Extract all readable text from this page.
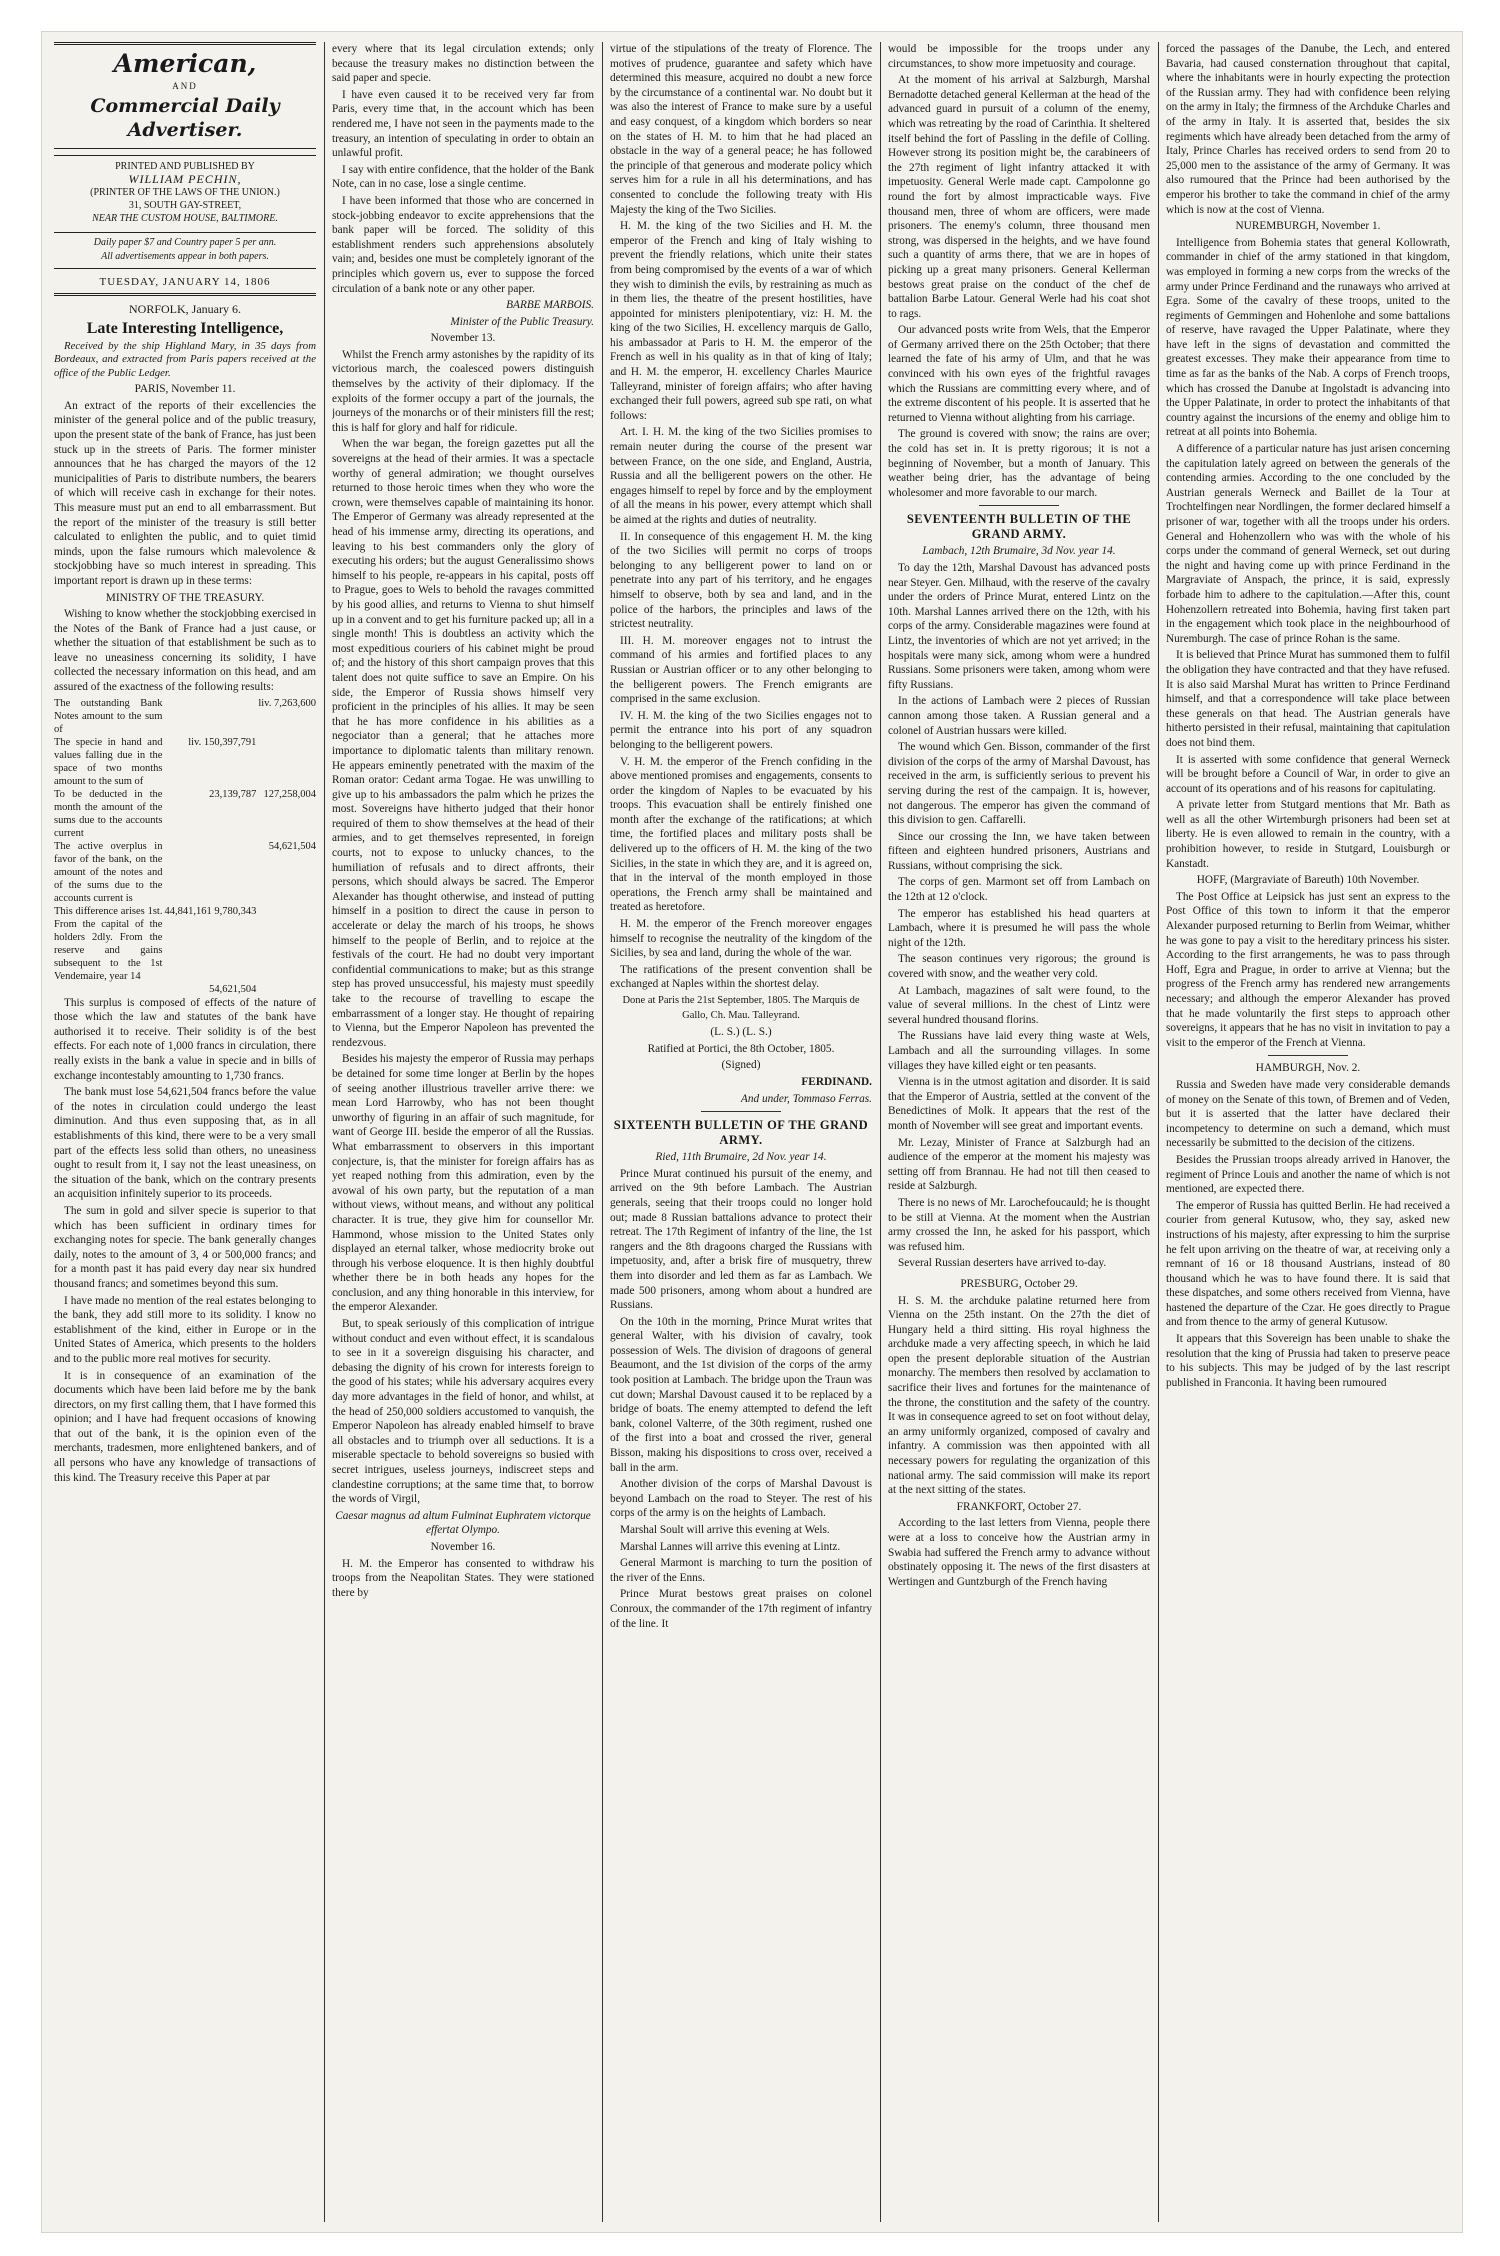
American,
AND
Commercial Daily Advertiser.
PRINTED AND PUBLISHED BY
WILLIAM PECHIN,
(PRINTER OF THE LAWS OF THE UNION.)
31, SOUTH GAY-STREET,
NEAR THE CUSTOM HOUSE, BALTIMORE.
Daily paper $7 and Country paper 5 per ann.
All advertisements appear in both papers.
TUESDAY, JANUARY 14, 1806
NORFOLK, January 6.
Late Interesting Intelligence,

Received by the ship Highland Mary, in 35 days from Bordeaux, and extracted from Paris papers received at the office of the Public Ledger.

PARIS, November 11.

An extract of the reports of their excellencies the minister of the general police and of the public treasury, upon the present state of the bank of France, has just been stuck up in the streets of Paris. The former minister announces that he has charged the mayors of the 12 municipalities of Paris to distribute numbers, the bearers of which will receive cash in exchange for their notes. This measure must put an end to all embarrassment. But the report of the minister of the treasury is still better calculated to enlighten the public, and to quiet timid minds, upon the false rumours which malevolence & stockjobbing have so much interest in spreading. This important report is drawn up in these terms:

MINISTRY OF THE TREASURY.

Wishing to know whether the stockjobbing exercised in the Notes of the Bank of France had a just cause, or whether the situation of that establishment be such as to leave no uneasiness concerning its solidity, I have collected the necessary information on this head, and am assured of the exactness of the following results:

The outstanding Bank Notes amount to the sum of		liv. 7,263,600
The specie in hand and values falling due in the space of two months amount to the sum of	liv. 150,397,791	
To be deducted in the month the amount of the sums due to the accounts current	23,139,787	127,258,004
The active overplus in favor of the bank, on the amount of the notes and of the sums due to the accounts current is		54,621,504
This difference arises 1st. From the capital of the holders 2dly. From the reserve and gains subsequent to the 1st Vendemaire, year 14	44,841,161 9,780,343	
	54,621,504	

This surplus is composed of effects of the nature of those which the law and statutes of the bank have authorised it to receive. Their solidity is of the best effects. For each note of 1,000 francs in circulation, there really exists in the bank a value in specie and in bills of exchange incontestably amounting to 1,730 francs.

The bank must lose 54,621,504 francs before the value of the notes in circulation could undergo the least diminution. And thus even supposing that, as in all establishments of this kind, there were to be a very small part of the effects less solid than others, no uneasiness ought to result from it, I say not the least uneasiness, on the situation of the bank, which on the contrary presents an acquisition infinitely superior to its proceeds.

The sum in gold and silver specie is superior to that which has been sufficient in ordinary times for exchanging notes for specie. The bank generally changes daily, notes to the amount of 3, 4 or 500,000 francs; and for a month past it has paid every day near six hundred thousand francs; and sometimes beyond this sum.

I have made no mention of the real estates belonging to the bank, they add still more to its solidity. I know no establishment of the kind, either in Europe or in the United States of America, which presents to the holders and to the public more real motives for security.

It is in consequence of an examination of the documents which have been laid before me by the bank directors, on my first calling them, that I have formed this opinion; and I have had frequent occasions of knowing that out of the bank, it is the opinion even of the merchants, tradesmen, more enlightened bankers, and of all persons who have any knowledge of transactions of this kind. The Treasury receive this Paper at par

every where that its legal circulation extends; only because the treasury makes no distinction between the said paper and specie.

I have even caused it to be received very far from Paris, every time that, in the account which has been rendered me, I have not seen in the payments made to the treasury, an intention of speculating in order to obtain an unlawful profit.

I say with entire confidence, that the holder of the Bank Note, can in no case, lose a single centime.

I have been informed that those who are concerned in stock-jobbing endeavor to excite apprehensions that the bank paper will be forced. The solidity of this establishment renders such apprehensions absolutely vain; and, besides one must be completely ignorant of the principles which govern us, ever to suppose the forced circulation of a bank note or any other paper.

BARBE MARBOIS.

Minister of the Public Treasury.

November 13.

Whilst the French army astonishes by the rapidity of its victorious march, the coalesced powers distinguish themselves by the activity of their diplomacy. If the exploits of the former occupy a part of the journals, the journeys of the monarchs or of their ministers fill the rest; this is half for glory and half for ridicule.

When the war began, the foreign gazettes put all the sovereigns at the head of their armies. It was a spectacle worthy of general admiration; we thought ourselves returned to those heroic times when they who wore the crown, were themselves capable of maintaining its honor. The Emperor of Germany was already represented at the head of his immense army, directing its operations, and leaving to his best commanders only the glory of executing his orders; but the august Generalissimo shows himself to his people, re-appears in his capital, posts off to Prague, goes to Wels to behold the ravages committed by his good allies, and returns to Vienna to shut himself up in a convent and to get his furniture packed up; all in a single month! This is doubtless an activity which the most expeditious couriers of his cabinet might be proud of; and the history of this short campaign proves that this talent does not quite suffice to save an Empire. On his side, the Emperor of Russia shows himself very proficient in the principles of his allies. It may be seen that he has more confidence in his abilities as a negociator than a general; that he attaches more importance to diplomatic talents than military renown. He appears eminently penetrated with the maxim of the Roman orator: Cedant arma Togae. He was unwilling to give up to his ambassadors the palm which he prizes the most. Sovereigns have hitherto judged that their honor required of them to show themselves at the head of their armies, and to get themselves represented, in foreign courts, not to expose to unlucky chances, to the humiliation of refusals and to direct affronts, their persons, which should always be sacred. The Emperor Alexander has thought otherwise, and instead of putting himself in a position to direct the cause in person to accelerate or delay the march of his troops, he shows himself to the people of Berlin, and to rejoice at the festivals of the court. He had no doubt very important confidential communications to make; but as this strange step has proved unsuccessful, his majesty must speedily take to the recourse of travelling to escape the embarrassment of a longer stay. He thought of repairing to Vienna, but the Emperor Napoleon has prevented the rendezvous.

Besides his majesty the emperor of Russia may perhaps be detained for some time longer at Berlin by the hopes of seeing another illustrious traveller arrive there: we mean Lord Harrowby, who has not been thought unworthy of figuring in an affair of such magnitude, for want of George III. beside the emperor of all the Russias. What embarrassment to observers in this important conjecture, is, that the minister for foreign affairs has as yet reaped nothing from this admiration, even by the avowal of his own party, but the reputation of a man without views, without means, and without any political character. It is true, they give him for counsellor Mr. Hammond, whose mission to the United States only displayed an eternal talker, whose mediocrity broke out through his verbose eloquence. It is then highly doubtful whether there be in both heads any hopes for the conclusion, and any thing honorable in this interview, for the emperor Alexander.

But, to speak seriously of this complication of intrigue without conduct and even without effect, it is scandalous to see in it a sovereign disguising his character, and debasing the dignity of his crown for interests foreign to the good of his states; while his adversary acquires every day more advantages in the field of honor, and whilst, at the head of 250,000 soldiers accustomed to vanquish, the Emperor Napoleon has already enabled himself to brave all obstacles and to triumph over all seductions. It is a miserable spectacle to behold sovereigns so busied with secret intrigues, useless journeys, indiscreet steps and clandestine corruptions; at the same time that, to borrow the words of Virgil,

Caesar magnus ad altum Fulminat Euphratem victorque effertat Olympo.

November 16.

H. M. the Emperor has consented to withdraw his troops from the Neapolitan States. They were stationed there by

virtue of the stipulations of the treaty of Florence. The motives of prudence, guarantee and safety which have determined this measure, acquired no doubt a new force by the circumstance of a continental war. No doubt but it was also the interest of France to make sure by a useful and easy conquest, of a kingdom which borders so near on the states of H. M. to him that he had placed an obstacle in the way of a general peace; he has followed the principle of that generous and moderate policy which serves him for a rule in all his determinations, and has consented to conclude the following treaty with His Majesty the king of the Two Sicilies.

H. M. the king of the two Sicilies and H. M. the emperor of the French and king of Italy wishing to prevent the friendly relations, which unite their states from being compromised by the events of a war of which they wish to diminish the evils, by restraining as much as in them lies, the theatre of the present hostilities, have appointed for ministers plenipotentiary, viz: H. M. the king of the two Sicilies, H. excellency marquis de Gallo, his ambassador at Paris to H. M. the emperor of the French as well in his quality as in that of king of Italy; and H. M. the emperor, H. excellency Charles Maurice Talleyrand, minister of foreign affairs; who after having exchanged their full powers, agreed sub spe rati, on what follows:

Art. I. H. M. the king of the two Sicilies promises to remain neuter during the course of the present war between France, on the one side, and England, Austria, Russia and all the belligerent powers on the other. He engages himself to repel by force and by the employment of all the means in his power, every attempt which shall be aimed at the rights and duties of neutrality.

II. In consequence of this engagement H. M. the king of the two Sicilies will permit no corps of troops belonging to any belligerent power to land on or penetrate into any part of his territory, and he engages himself to observe, both by sea and land, and in the police of the harbors, the principles and laws of the strictest neutrality.

III. H. M. moreover engages not to intrust the command of his armies and fortified places to any Russian or Austrian officer or to any other belonging to the belligerent powers. The French emigrants are comprised in the same exclusion.

IV. H. M. the king of the two Sicilies engages not to permit the entrance into his port of any squadron belonging to the belligerent powers.

V. H. M. the emperor of the French confiding in the above mentioned promises and engagements, consents to order the kingdom of Naples to be evacuated by his troops. This evacuation shall be entirely finished one month after the exchange of the ratifications; at which time, the fortified places and military posts shall be delivered up to the officers of H. M. the king of the two Sicilies, in the state in which they are, and it is agreed on, that in the interval of the month employed in those operations, the French army shall be maintained and treated as heretofore.

H. M. the emperor of the French moreover engages himself to recognise the neutrality of the kingdom of the Sicilies, by sea and land, during the whole of the war.

The ratifications of the present convention shall be exchanged at Naples within the shortest delay.

Done at Paris the 21st September, 1805. The Marquis de Gallo, Ch. Mau. Talleyrand.

(L. S.) (L. S.)

Ratified at Portici, the 8th October, 1805.

(Signed)

FERDINAND.

And under, Tommaso Ferras.

SIXTEENTH BULLETIN OF THE GRAND ARMY.

Ried, 11th Brumaire, 2d Nov. year 14.

Prince Murat continued his pursuit of the enemy, and arrived on the 9th before Lambach. The Austrian generals, seeing that their troops could no longer hold out; made 8 Russian battalions advance to protect their retreat. The 17th Regiment of infantry of the line, the 1st rangers and the 8th dragoons charged the Russians with impetuosity, and, after a brisk fire of musquetry, threw them into disorder and led them as far as Lambach. We made 500 prisoners, among whom about a hundred are Russians.

On the 10th in the morning, Prince Murat writes that general Walter, with his division of cavalry, took possession of Wels. The division of dragoons of general Beaumont, and the 1st division of the corps of the army took position at Lambach. The bridge upon the Traun was cut down; Marshal Davoust caused it to be replaced by a bridge of boats. The enemy attempted to defend the left bank, colonel Valterre, of the 30th regiment, rushed one of the first into a boat and crossed the river, general Bisson, making his dispositions to cross over, received a ball in the arm.

Another division of the corps of Marshal Davoust is beyond Lambach on the road to Steyer. The rest of his corps of the army is on the heights of Lambach.

Marshal Soult will arrive this evening at Wels.

Marshal Lannes will arrive this evening at Lintz.

General Marmont is marching to turn the position of the river of the Enns.

Prince Murat bestows great praises on colonel Conroux, the commander of the 17th regiment of infantry of the line. It

would be impossible for the troops under any circumstances, to show more impetuosity and courage.

At the moment of his arrival at Salzburgh, Marshal Bernadotte detached general Kellerman at the head of the advanced guard in pursuit of a column of the enemy, which was retreating by the road of Carinthia. It sheltered itself behind the fort of Passling in the defile of Colling. However strong its position might be, the carabineers of the 27th regiment of light infantry attacked it with impetuosity. General Werle made capt. Campolonne go round the fort by almost impracticable ways. Five thousand men, three of whom are officers, were made prisoners. The enemy's column, three thousand men strong, was dispersed in the heights, and we have found such a quantity of arms there, that we are in hopes of picking up a great many prisoners. General Kellerman bestows great praise on the conduct of the chef de battalion Barbe Latour. General Werle had his coat shot to rags.

Our advanced posts write from Wels, that the Emperor of Germany arrived there on the 25th October; that there learned the fate of his army of Ulm, and that he was convinced with his own eyes of the frightful ravages which the Russians are committing every where, and of the extreme discontent of his people. It is asserted that he returned to Vienna without alighting from his carriage.

The ground is covered with snow; the rains are over; the cold has set in. It is pretty rigorous; it is not a beginning of November, but a month of January. This weather being drier, has the advantage of being wholesomer and more favorable to our march.

SEVENTEENTH BULLETIN OF THE GRAND ARMY.

Lambach, 12th Brumaire, 3d Nov. year 14.

To day the 12th, Marshal Davoust has advanced posts near Steyer. Gen. Milhaud, with the reserve of the cavalry under the orders of Prince Murat, entered Lintz on the 10th. Marshal Lannes arrived there on the 12th, with his corps of the army. Considerable magazines were found at Lintz, the inventories of which are not yet arrived; in the hospitals were many sick, among whom were a hundred Russians. Some prisoners were taken, among whom were fifty Russians.

In the actions of Lambach were 2 pieces of Russian cannon among those taken. A Russian general and a colonel of Austrian hussars were killed.

The wound which Gen. Bisson, commander of the first division of the corps of the army of Marshal Davoust, has received in the arm, is sufficiently serious to prevent his serving during the rest of the campaign. It is, however, not dangerous. The emperor has given the command of this division to gen. Caffarelli.

Since our crossing the Inn, we have taken between fifteen and eighteen hundred prisoners, Austrians and Russians, without comprising the sick.

The corps of gen. Marmont set off from Lambach on the 12th at 12 o'clock.

The emperor has established his head quarters at Lambach, where it is presumed he will pass the whole night of the 12th.

The season continues very rigorous; the ground is covered with snow, and the weather very cold.

At Lambach, magazines of salt were found, to the value of several millions. In the chest of Lintz were several hundred thousand florins.

The Russians have laid every thing waste at Wels, Lambach and all the surrounding villages. In some villages they have killed eight or ten peasants.

Vienna is in the utmost agitation and disorder. It is said that the Emperor of Austria, settled at the convent of the Benedictines of Molk. It appears that the rest of the month of November will see great and important events.

Mr. Lezay, Minister of France at Salzburgh had an audience of the emperor at the moment his majesty was setting off from Brannau. He had not till then ceased to reside at Salzburgh.

There is no news of Mr. Larochefoucauld; he is thought to be still at Vienna. At the moment when the Austrian army crossed the Inn, he asked for his passport, which was refused him.

Several Russian deserters have arrived to-day.

PRESBURG, October 29.

H. S. M. the archduke palatine returned here from Vienna on the 25th instant. On the 27th the diet of Hungary held a third sitting. His royal highness the archduke made a very affecting speech, in which he laid open the present deplorable situation of the Austrian monarchy. The members then resolved by acclamation to sacrifice their lives and fortunes for the maintenance of the throne, the constitution and the safety of the country. It was in consequence agreed to set on foot without delay, an army uniformly organized, composed of cavalry and infantry. A commission was then appointed with all necessary powers for regulating the organization of this national army. The said commission will make its report at the next sitting of the states.

FRANKFORT, October 27.

According to the last letters from Vienna, people there were at a loss to conceive how the Austrian army in Swabia had suffered the French army to advance without obstinately opposing it. The news of the first disasters at Wertingen and Guntzburgh of the French having

forced the passages of the Danube, the Lech, and entered Bavaria, had caused consternation throughout that capital, where the inhabitants were in hourly expecting the protection of the Russian army. They had with confidence been relying on the army in Italy; the firmness of the Archduke Charles and of the army in Italy. It is asserted that, besides the six regiments which have already been detached from the army of Italy, Prince Charles has received orders to send from 20 to 25,000 men to the assistance of the army of Germany. It was also rumoured that the Prince had been authorised by the emperor his brother to take the command in chief of the army which is now at the cost of Vienna.

NUREMBURGH, November 1.

Intelligence from Bohemia states that general Kollowrath, commander in chief of the army stationed in that kingdom, was employed in forming a new corps from the wrecks of the army under Prince Ferdinand and the runaways who arrived at Egra. Some of the cavalry of these troops, united to the regiments of Gemmingen and Hohenlohe and some battalions of reserve, have ravaged the Upper Palatinate, where they have left in the signs of devastation and committed the greatest excesses. They make their appearance from time to time as far as the banks of the Nab. A corps of French troops, which has crossed the Danube at Ingolstadt is advancing into the Upper Palatinate, in order to protect the inhabitants of that country against the incursions of the enemy and oblige him to retreat at all points into Bohemia.

A difference of a particular nature has just arisen concerning the capitulation lately agreed on between the generals of the contending armies. According to the one concluded by the Austrian generals Werneck and Baillet de la Tour at Trochtelfingen near Nordlingen, the former declared himself a prisoner of war, together with all the troops under his orders. General and Hohenzollern who was with the whole of his corps under the command of general Werneck, set out during the night and having come up with prince Ferdinand in the Margraviate of Anspach, the prince, it is said, expressly forbade him to adhere to the capitulation.—After this, count Hohenzollern retreated into Bohemia, having first taken part in the engagement which took place in the neighbourhood of Nuremburgh. The case of prince Rohan is the same.

It is believed that Prince Murat has summoned them to fulfil the obligation they have contracted and that they have refused. It is also said Marshal Murat has written to Prince Ferdinand himself, and that a correspondence will take place between these generals on that head. The Austrian generals have hitherto persisted in their refusal, maintaining that capitulation does not bind them.

It is asserted with some confidence that general Werneck will be brought before a Council of War, in order to give an account of its operations and of his reasons for capitulating.

A private letter from Stutgard mentions that Mr. Bath as well as all the other Wirtemburgh prisoners had been set at liberty. He is even allowed to remain in the country, with a prohibition however, to reside in Stutgard, Louisburgh or Kanstadt.

HOFF, (Margraviate of Bareuth) 10th November.

The Post Office at Leipsick has just sent an express to the Post Office of this town to inform it that the emperor Alexander purposed returning to Berlin from Weimar, whither he was gone to pay a visit to the hereditary princess his sister. According to the first arrangements, he was to pass through Hoff, Egra and Prague, in order to arrive at Vienna; but the progress of the French army has rendered new arrangements necessary; and although the emperor Alexander has proved that he made voluntarily the first steps to approach other sovereigns, it appears that he has no visit in invitation to pay a visit to the emperor of the French at Vienna.

HAMBURGH, Nov. 2.

Russia and Sweden have made very considerable demands of money on the Senate of this town, of Bremen and of Veden, but it is asserted that the latter have declared their incompetency to determine on such a demand, which must necessarily be submitted to the decision of the citizens.

Besides the Prussian troops already arrived in Hanover, the regiment of Prince Louis and another the name of which is not mentioned, are expected there.

The emperor of Russia has quitted Berlin. He had received a courier from general Kutusow, who, they say, asked new instructions of his majesty, after expressing to him the surprise he felt upon arriving on the theatre of war, at receiving only a remnant of 16 or 18 thousand Austrians, instead of 80 thousand which he was to have found there. It is said that these dispatches, and some others received from Vienna, have hastened the departure of the Czar. He goes directly to Prague and from thence to the army of general Kutusow.

It appears that this Sovereign has been unable to shake the resolution that the king of Prussia had taken to preserve peace to his subjects. This may be judged of by the last rescript published in Franconia. It having been rumoured
